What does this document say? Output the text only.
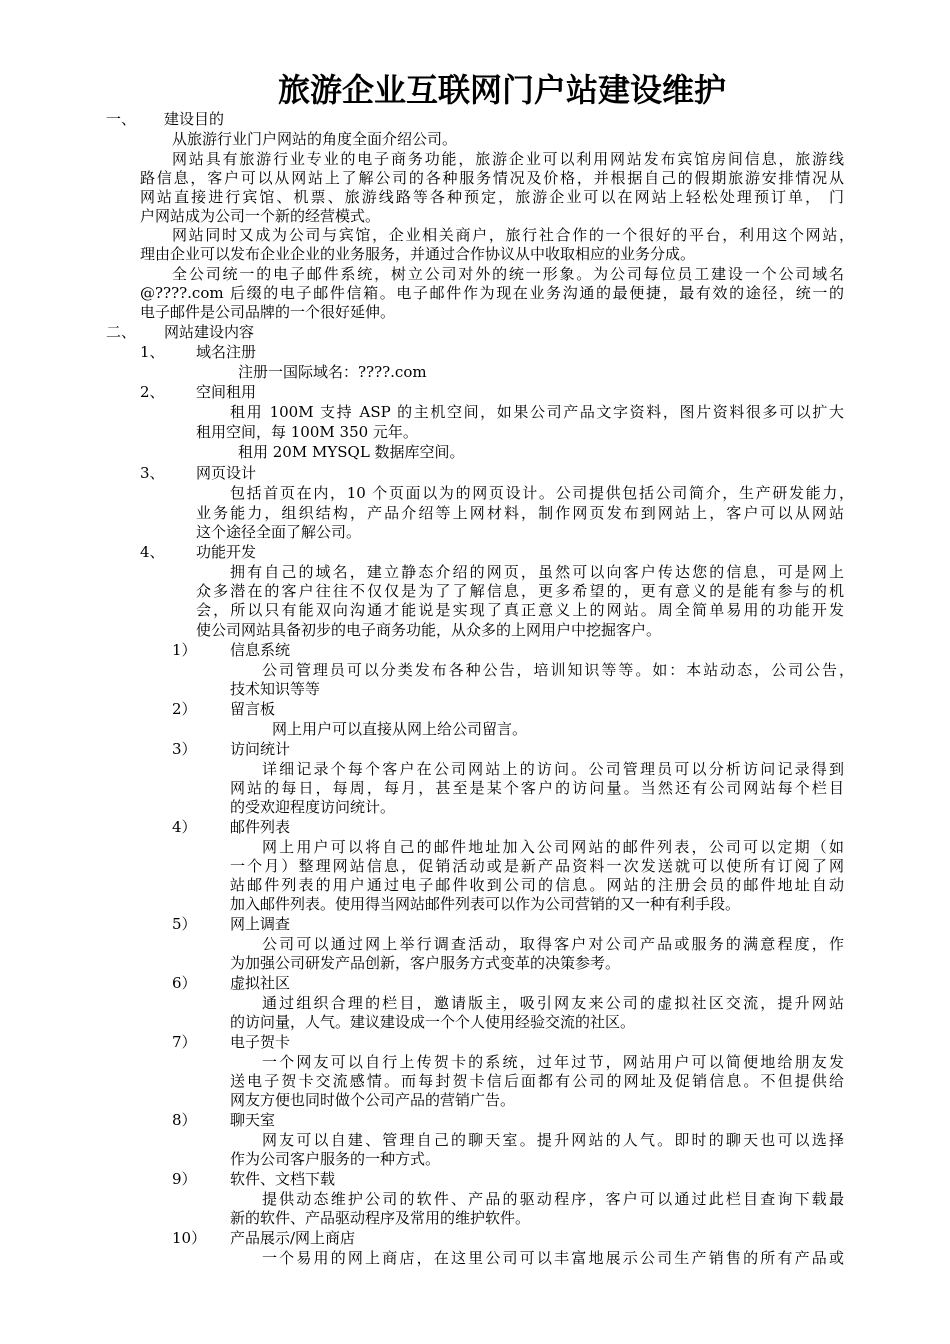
旅游企业互联网门户站建设维护
一、 建设目的
从旅游行业门户网站的角度全面介绍公司。
网站具有旅游行业专业的电子商务功能，旅游企业可以利用网站发布宾馆房间信息，旅游线
路信息，客户可以从网站上了解公司的各种服务情况及价格，并根据自己的假期旅游安排情况从
网站直接进行宾馆、机票、旅游线路等各种预定，旅游企业可以在网站上轻松处理预订单， 门
户网站成为公司一个新的经营模式。
网站同时又成为公司与宾馆，企业相关商户，旅行社合作的一个很好的平台，利用这个网站，
理由企业可以发布企业企业的业务服务，并通过合作协议从中收取相应的业务分成。
全公司统一的电子邮件系统，树立公司对外的统一形象。为公司每位员工建设一个公司域名
@????.com 后缀的电子邮件信箱。电子邮件作为现在业务沟通的最便捷，最有效的途径，统一的
电子邮件是公司品牌的一个很好延伸。
二、 网站建设内容
1、 域名注册
注册一国际域名：????.com
2、 空间租用
租用 100M 支持 ASP 的主机空间，如果公司产品文字资料，图片资料很多可以扩大
租用空间，每 100M 350 元年。
租用 20M MYSQL 数据库空间。
3、 网页设计
包括首页在内，10 个页面以为的网页设计。公司提供包括公司简介，生产研发能力，
业务能力，组织结构，产品介绍等上网材料，制作网页发布到网站上，客户可以从网站
这个途径全面了解公司。
4、 功能开发
拥有自己的域名，建立静态介绍的网页，虽然可以向客户传达您的信息，可是网上
众多潜在的客户往往不仅仅是为了了解信息，更多希望的，更有意义的是能有参与的机
会，所以只有能双向沟通才能说是实现了真正意义上的网站。周全简单易用的功能开发
使公司网站具备初步的电子商务功能，从众多的上网用户中挖掘客户。
1） 信息系统
公司管理员可以分类发布各种公告，培训知识等等。如：本站动态，公司公告，
技术知识等等
2） 留言板
网上用户可以直接从网上给公司留言。
3） 访问统计
详细记录个每个客户在公司网站上的访问。公司管理员可以分析访问记录得到
网站的每日，每周，每月，甚至是某个客户的访问量。当然还有公司网站每个栏目
的受欢迎程度访问统计。
4） 邮件列表
网上用户可以将自己的邮件地址加入公司网站的邮件列表，公司可以定期（如
一个月）整理网站信息，促销活动或是新产品资料一次发送就可以使所有订阅了网
站邮件列表的用户通过电子邮件收到公司的信息。网站的注册会员的邮件地址自动
加入邮件列表。使用得当网站邮件列表可以作为公司营销的又一种有利手段。
5） 网上调查
公司可以通过网上举行调查活动，取得客户对公司产品或服务的满意程度，作
为加强公司研发产品创新，客户服务方式变革的决策参考。
6） 虚拟社区
通过组织合理的栏目，邀请版主，吸引网友来公司的虚拟社区交流，提升网站
的访问量，人气。建议建设成一个个人使用经验交流的社区。
7） 电子贺卡
一个网友可以自行上传贺卡的系统，过年过节，网站用户可以简便地给朋友发
送电子贺卡交流感情。而每封贺卡信后面都有公司的网址及促销信息。不但提供给
网友方便也同时做个公司产品的营销广告。
8） 聊天室
网友可以自建、管理自己的聊天室。提升网站的人气。即时的聊天也可以选择
作为公司客户服务的一种方式。
9） 软件、文档下载
提供动态维护公司的软件、产品的驱动程序，客户可以通过此栏目查询下载最
新的软件、产品驱动程序及常用的维护软件。
10） 产品展示/网上商店
一个易用的网上商店，在这里公司可以丰富地展示公司生产销售的所有产品或
